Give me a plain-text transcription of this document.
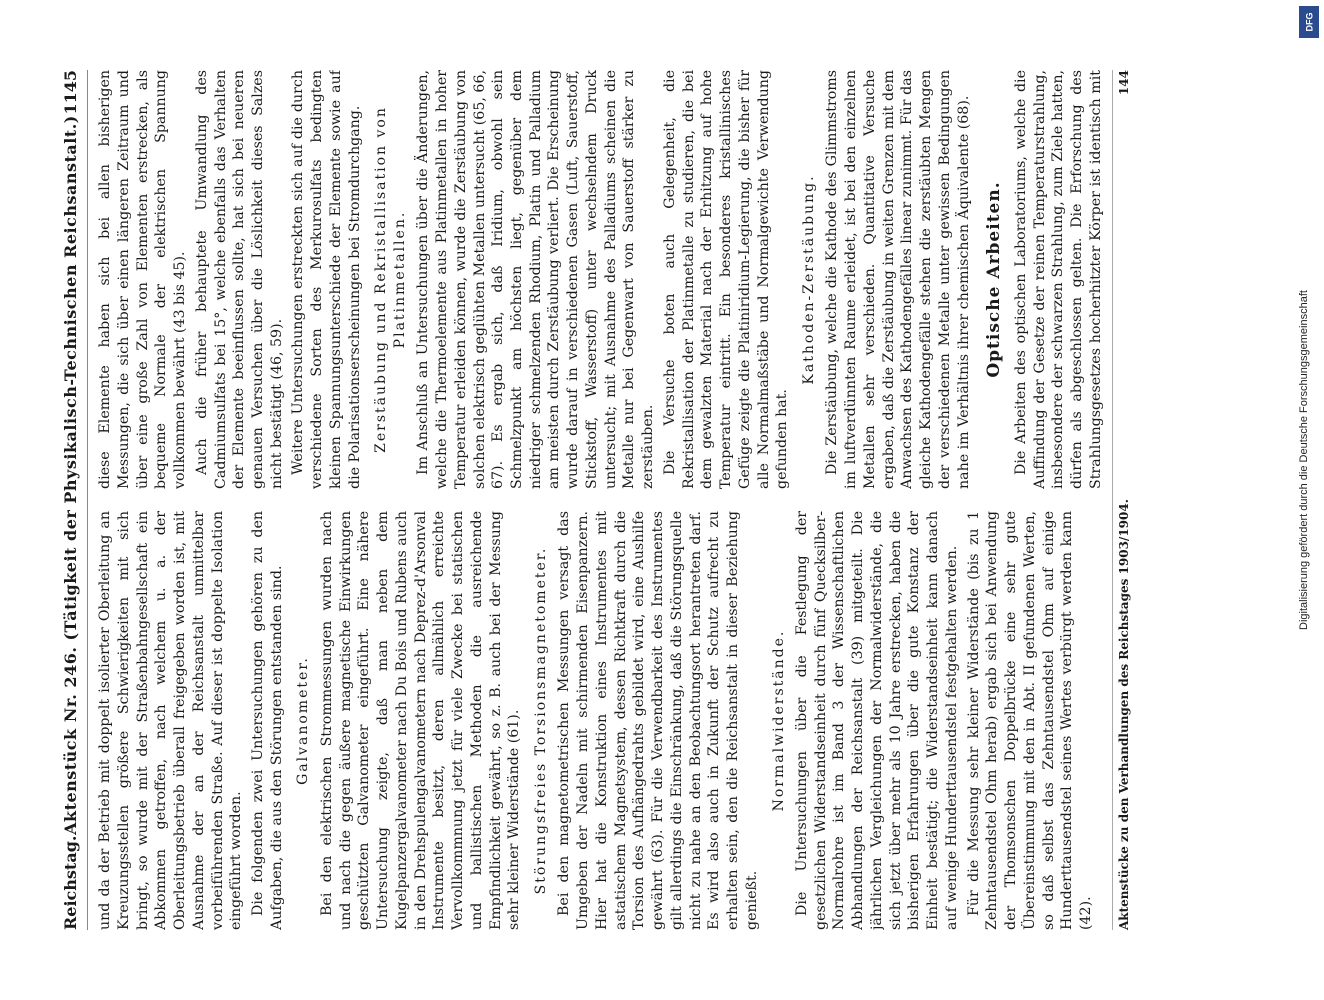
Reichstag.
Aktenstück Nr. 246. (Tätigkeit der Physikalisch-Technischen Reichsanstalt.)
1145

und da der Betrieb mit doppelt isolierter Oberleitung an Kreuzungsstellen größere Schwierigkeiten mit sich bringt, so wurde mit der Straßenbahngesellschaft ein Abkommen getroffen, nach welchem u. a. der Oberleitungsbetrieb überall freigegeben worden ist, mit Ausnahme der an der Reichsanstalt unmittelbar vorbeiführenden Straße. Auf dieser ist doppelte Isolation eingeführt worden. Die folgenden zwei Untersuchungen gehören zu den Aufgaben, die aus den Störungen entstanden sind. Galvanometer. Bei den elektrischen Strommessungen wurden nach und nach die gegen äußere magnetische Einwirkungen geschützten Galvanometer eingeführt. Eine nähere Untersuchung zeigte, daß man neben dem Kugelpanzergalvanometer nach Du Bois und Rubens auch in den Drehspulengalvanometern nach Deprez-d'Arsonval Instrumente besitzt, deren allmählich erreichte Vervollkommnung jetzt für viele Zwecke bei statischen und ballistischen Methoden die ausreichende Empfindlichkeit gewährt, so z. B. auch bei der Messung sehr kleiner Widerstände (61). Störungsfreies Torsionsmagnetometer. Bei den magnetometrischen Messungen versagt das Umgeben der Nadeln mit schirmenden Eisenpanzern. Hier hat die Konstruktion eines Instrumentes mit astatischem Magnetsystem, dessen Richtkraft durch die Torsion des Aufhängedrahts gebildet wird, eine Aushilfe gewährt (63). Für die Verwendbarkeit des Instrumentes gilt allerdings die Einschränkung, daß die Störungsquelle nicht zu nahe an den Beobachtungsort herantreten darf. Es wird also auch in Zukunft der Schutz aufrecht zu erhalten sein, den die Reichsanstalt in dieser Beziehung genießt.

Normalwiderstände. Die Untersuchungen über die Festlegung der gesetzlichen Widerstandseinheit durch fünf Quecksilber-Normalrohre ist im Band 3 der Wissenschaftlichen Abhandlungen der Reichsanstalt (39) mitgeteilt. Die jährlichen Vergleichungen der Normalwiderstände, die sich jetzt über mehr als 10 Jahre erstrecken, haben die bisherigen Erfahrungen über die gute Konstanz der Einheit bestätigt; die Widerstandseinheit kann danach auf wenige Hunderttausendstel festgehalten werden. Für die Messung sehr kleiner Widerstände (bis zu 1 Zehntausendstel Ohm herab) ergab sich bei Anwendung der Thomsonschen Doppelbrücke eine sehr gute Übereinstimmung mit den in Abt. II gefundenen Werten, so daß selbst das Zehntausendstel Ohm auf einige Hunderttausendstel seines Wertes verbürgt werden kann (42).

diese Elemente haben sich bei allen bisherigen Messungen, die sich über einen längeren Zeitraum und über eine große Zahl von Elementen erstrecken, als bequeme Normale der elektrischen Spannung vollkommen bewährt (43 bis 45). Auch die früher behauptete Umwandlung des Cadmiumsulfats bei 15°, welche ebenfalls das Verhalten der Elemente beeinflussen sollte, hat sich bei neueren genauen Versuchen über die Löslichkeit dieses Salzes nicht bestätigt (46, 59). Weitere Untersuchungen erstreckten sich auf die durch verschiedene Sorten des Merkurosulfats bedingten kleinen Spannungsunterschiede der Elemente sowie auf die Polarisationserscheinungen bei Stromdurchgang. Zerstäubung und Rekristallisation von Platinmetallen. Im Anschluß an Untersuchungen über die Änderungen, welche die Thermoelemente aus Platinmetallen in hoher Temperatur erleiden können, wurde die Zerstäubung von solchen elektrisch geglühten Metallen untersucht (65, 66, 67). Es ergab sich, daß Iridium, obwohl sein Schmelzpunkt am höchsten liegt, gegenüber dem niedriger schmelzenden Rhodium, Platin und Palladium am meisten durch Zerstäubung verliert. Die Erscheinung wurde darauf in verschiedenen Gasen (Luft, Sauerstoff, Stickstoff, Wasserstoff) unter wechselndem Druck untersucht; mit Ausnahme des Palladiums scheinen die Metalle nur bei Gegenwart von Sauerstoff stärker zu zerstäuben. Die Versuche boten auch Gelegenheit, die Rekristallisation der Platinmetalle zu studieren, die bei dem gewalzten Material nach der Erhitzung auf hohe Temperatur eintritt. Ein besonderes kristallinisches Gefüge zeigte die Platiniridium-Legierung, die bisher für alle Normalmaßstäbe und Normalgewichte Verwendung gefunden hat.

Kathoden-Zerstäubung. Die Zerstäubung, welche die Kathode des Glimmstroms im luftverdünnten Raume erleidet, ist bei den einzelnen Metallen sehr verschieden. Quantitative Versuche ergaben, daß die Zerstäubung in weiten Grenzen mit dem Anwachsen des Kathodengefälles linear zunimmt. Für das gleiche Kathodengefälle stehen die zerstäubten Mengen der verschiedenen Metalle unter gewissen Bedingungen nahe im Verhältnis ihrer chemischen Äquivalente (68). Optische Arbeiten.

Die Arbeiten des optischen Laboratoriums, welche die Auffindung der Gesetze der reinen Temperaturstrahlung, insbesondere der schwarzen Strahlung, zum Ziele hatten, dürfen als abgeschlossen gelten. Die Erforschung des Strahlungsgesetzes hocherhitzter Körper ist identisch mit

Aktenstücke zu den Verhandlungen des Reichstages 1903/1904.
144
DFG
Digitalisierung gefördert durch die Deutsche Forschungsgemeinschaft
